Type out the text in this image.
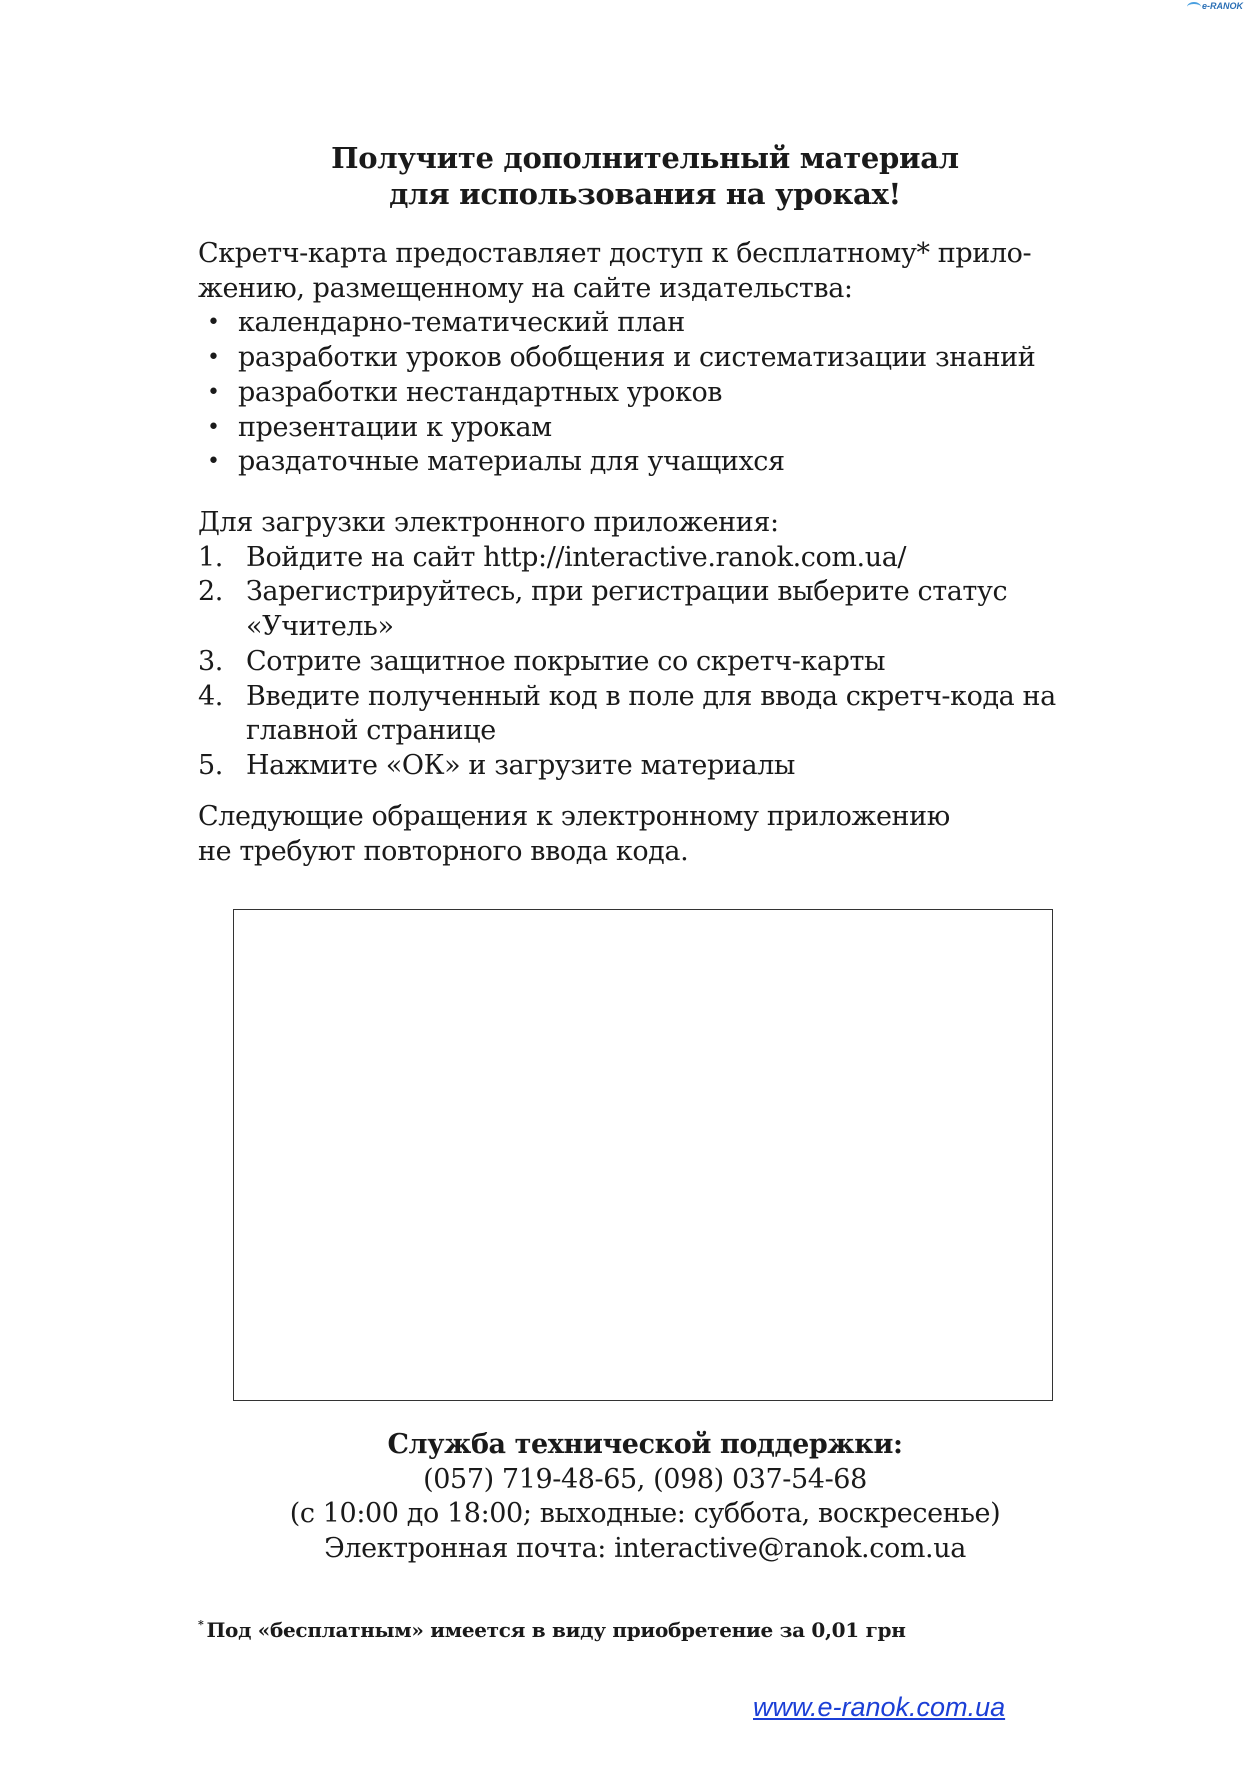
e-RANOK
Получите дополнительный материал
для использования на уроках!

Скретч-карта предоставляет доступ к бесплатному* прило-

жению, размещенному на сайте издательства:

• календарно-тематический план
• разработки уроков обобщения и систематизации знаний
• разработки нестандартных уроков
• презентации к урокам
• раздаточные материалы для учащихся

Для загрузки электронного приложения:

1. Войдите на сайт http://interactive.ranok.com.ua/
2. Зарегистрируйтесь, при регистрации выберите статус «Учитель»
3. Сотрите защитное покрытие со скретч-карты
4. Введите полученный код в поле для ввода скретч-кода на главной странице
5. Нажмите «ОК» и загрузите материалы

Следующие обращения к электронному приложению

не требуют повторного ввода кода.

Служба технической поддержки:
(057) 719-48-65, (098) 037-54-68
(с 10:00 до 18:00; выходные: суббота, воскресенье)
Электронная почта: interactive@ranok.com.ua
* Под «бесплатным» имеется в виду приобретение за 0,01 грн
www.e-ranok.com.ua
